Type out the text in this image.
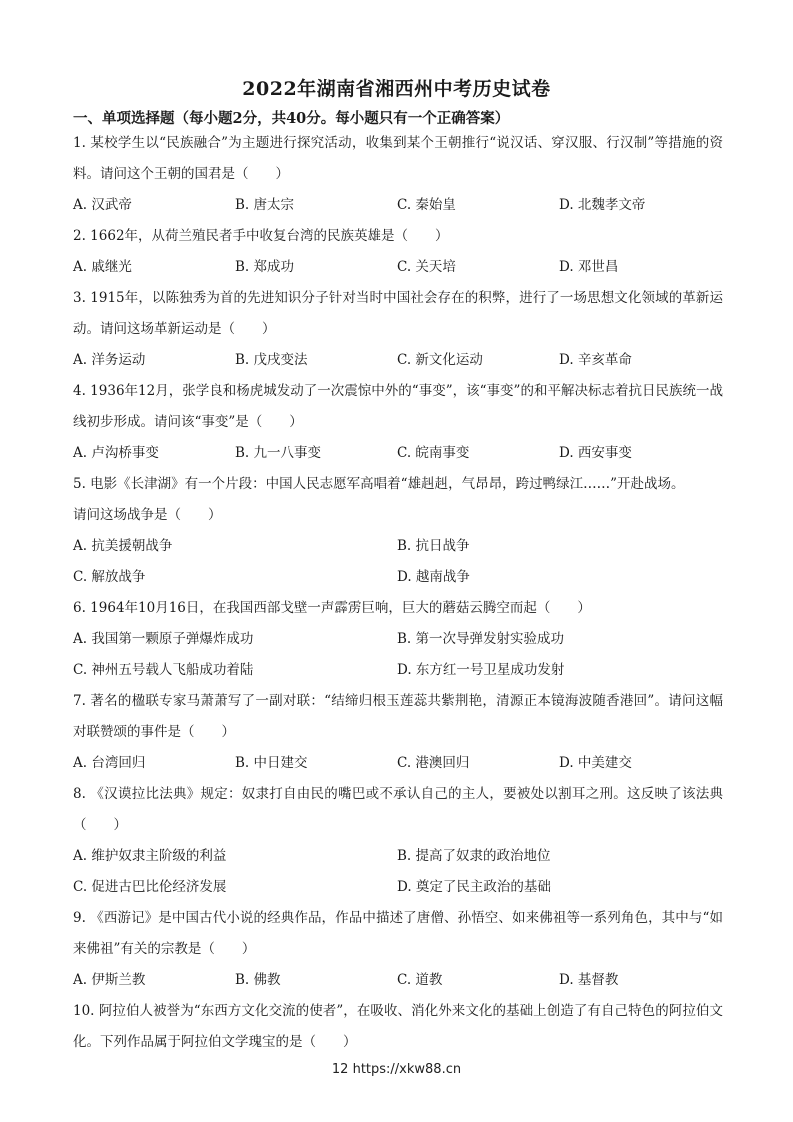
2022年湖南省湘西州中考历史试卷
一、单项选择题（每小题2分，共40分。每小题只有一个正确答案）
1. 某校学生以“民族融合”为主题进行探究活动，收集到某个王朝推行“说汉话、穿汉服、行汉制”等措施的资料。请问这个王朝的国君是（　　）
A. 汉武帝	B. 唐太宗	C. 秦始皇	D. 北魏孝文帝
2. 1662年，从荷兰殖民者手中收复台湾的民族英雄是（　　）
A. 戚继光	B. 郑成功	C. 关天培	D. 邓世昌
3. 1915年，以陈独秀为首的先进知识分子针对当时中国社会存在的积弊，进行了一场思想文化领域的革新运动。请问这场革新运动是（　　）
A. 洋务运动	B. 戊戌变法	C. 新文化运动	D. 辛亥革命
4. 1936年12月，张学良和杨虎城发动了一次震惊中外的“事变”，该“事变”的和平解决标志着抗日民族统一战线初步形成。请问该“事变”是（　　）
A. 卢沟桥事变	B. 九一八事变	C. 皖南事变	D. 西安事变
5. 电影《长津湖》有一个片段：中国人民志愿军高唱着“雄赳赳，气昂昂，跨过鸭绿江……”开赴战场。
请问这场战争是（　　）
A. 抗美援朝战争	B. 抗日战争
C. 解放战争	D. 越南战争
6. 1964年10月16日，在我国西部戈壁一声霹雳巨响，巨大的蘑菇云腾空而起（　　）
A. 我国第一颗原子弹爆炸成功	B. 第一次导弹发射实验成功
C. 神州五号载人飞船成功着陆	D. 东方红一号卫星成功发射
7. 著名的楹联专家马萧萧写了一副对联：“结缔归根玉莲蕊共紫荆艳，清源正本镜海波随香港回”。请问这幅对联赞颂的事件是（　　）
A. 台湾回归	B. 中日建交	C. 港澳回归	D. 中美建交
8. 《汉谟拉比法典》规定：奴隶打自由民的嘴巴或不承认自己的主人，要被处以割耳之刑。这反映了该法典（　　）
A. 维护奴隶主阶级的利益	B. 提高了奴隶的政治地位
C. 促进古巴比伦经济发展	D. 奠定了民主政治的基础
9. 《西游记》是中国古代小说的经典作品，作品中描述了唐僧、孙悟空、如来佛祖等一系列角色，其中与“如来佛祖”有关的宗教是（　　）
A. 伊斯兰教	B. 佛教	C. 道教	D. 基督教
10. 阿拉伯人被誉为“东西方文化交流的使者”，在吸收、消化外来文化的基础上创造了有自己特色的阿拉伯文化。下列作品属于阿拉伯文学瑰宝的是（　　）
12 https://xkw88.cn
